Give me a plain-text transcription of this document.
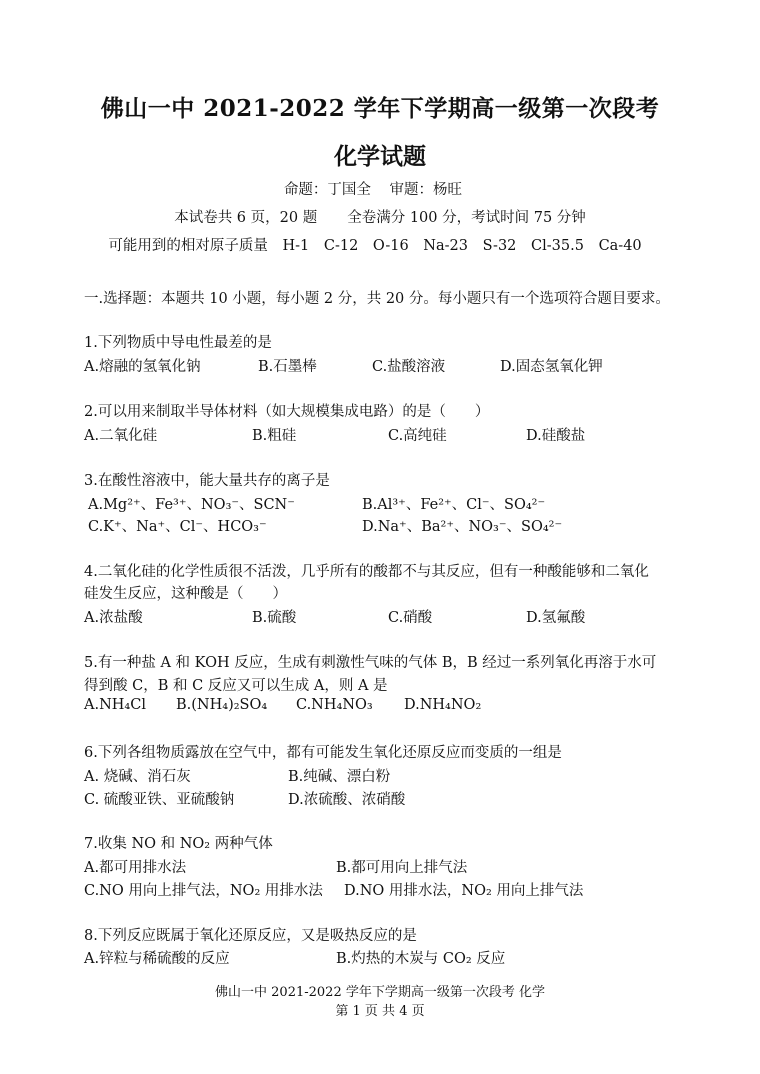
佛山一中 2021-2022 学年下学期高一级第一次段考
化学试题
命题：丁国全 审题：杨旺
本试卷共 6 页，20 题 全卷满分 100 分，考试时间 75 分钟
可能用到的相对原子质量 H-1 C-12 O-16 Na-23 S-32 Cl-35.5 Ca-40
一.选择题：本题共 10 小题，每小题 2 分，共 20 分。每小题只有一个选项符合题目要求。
1.下列物质中导电性最差的是
A.熔融的氢氧化钠	B.石墨棒	C.盐酸溶液	D.固态氢氧化钾
2.可以用来制取半导体材料（如大规模集成电路）的是（　　）
A.二氧化硅	B.粗硅	C.高纯硅	D.硅酸盐
3.在酸性溶液中，能大量共存的离子是
A.Mg²⁺、Fe³⁺、NO₃⁻、SCN⁻	B.Al³⁺、Fe²⁺、Cl⁻、SO₄²⁻
C.K⁺、Na⁺、Cl⁻、HCO₃⁻	D.Na⁺、Ba²⁺、NO₃⁻、SO₄²⁻
4.二氧化硅的化学性质很不活泼，几乎所有的酸都不与其反应，但有一种酸能够和二氧化
硅发生反应，这种酸是（　　）
A.浓盐酸	B.硫酸	C.硝酸	D.氢氟酸
5.有一种盐 A 和 KOH 反应，生成有刺激性气味的气体 B，B 经过一系列氧化再溶于水可
得到酸 C，B 和 C 反应又可以生成 A，则 A 是
A.NH₄Cl B.(NH₄)₂SO₄ C.NH₄NO₃ D.NH₄NO₂
6.下列各组物质露放在空气中，都有可能发生氧化还原反应而变质的一组是
A. 烧碱、消石灰	B.纯碱、漂白粉
C. 硫酸亚铁、亚硫酸钠	D.浓硫酸、浓硝酸
7.收集 NO 和 NO₂ 两种气体
A.都可用排水法	B.都可用向上排气法
C.NO 用向上排气法，NO₂ 用排水法 D.NO 用排水法，NO₂ 用向上排气法
8.下列反应既属于氧化还原反应，又是吸热反应的是
A.锌粒与稀硫酸的反应	B.灼热的木炭与 CO₂ 反应
佛山一中 2021-2022 学年下学期高一级第一次段考 化学
第 1 页 共 4 页
